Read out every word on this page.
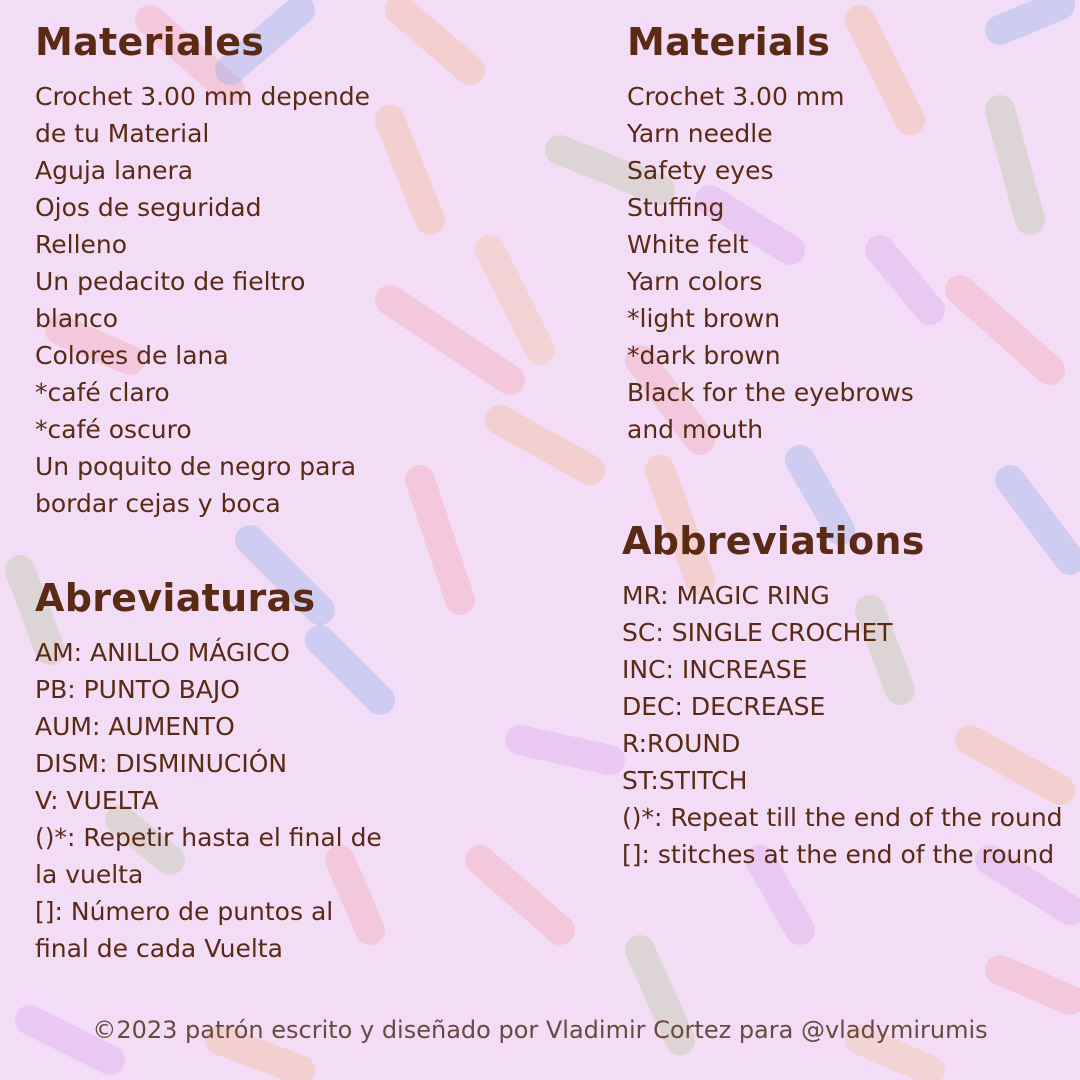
Materiales
Crochet 3.00 mm depende
de tu Material
Aguja lanera
Ojos de seguridad
Relleno
Un pedacito de fieltro
blanco
Colores de lana
*café claro
*café oscuro
Un poquito de negro para
bordar cejas y boca
Materials
Crochet 3.00 mm
Yarn needle
Safety eyes
Stuffing
White felt
Yarn colors
*light brown
*dark brown
Black for the eyebrows
and mouth
Abreviaturas
AM: ANILLO MÁGICO
PB: PUNTO BAJO
AUM: AUMENTO
DISM: DISMINUCIÓN
V: VUELTA
()*: Repetir hasta el final de
la vuelta
[]: Número de puntos al
final de cada Vuelta
Abbreviations
MR: MAGIC RING
SC: SINGLE CROCHET
INC: INCREASE
DEC: DECREASE
R:ROUND
ST:STITCH
()*: Repeat till the end of the round
[]: stitches at the end of the round
©2023 patrón escrito y diseñado por Vladimir Cortez para @vladymirumis
